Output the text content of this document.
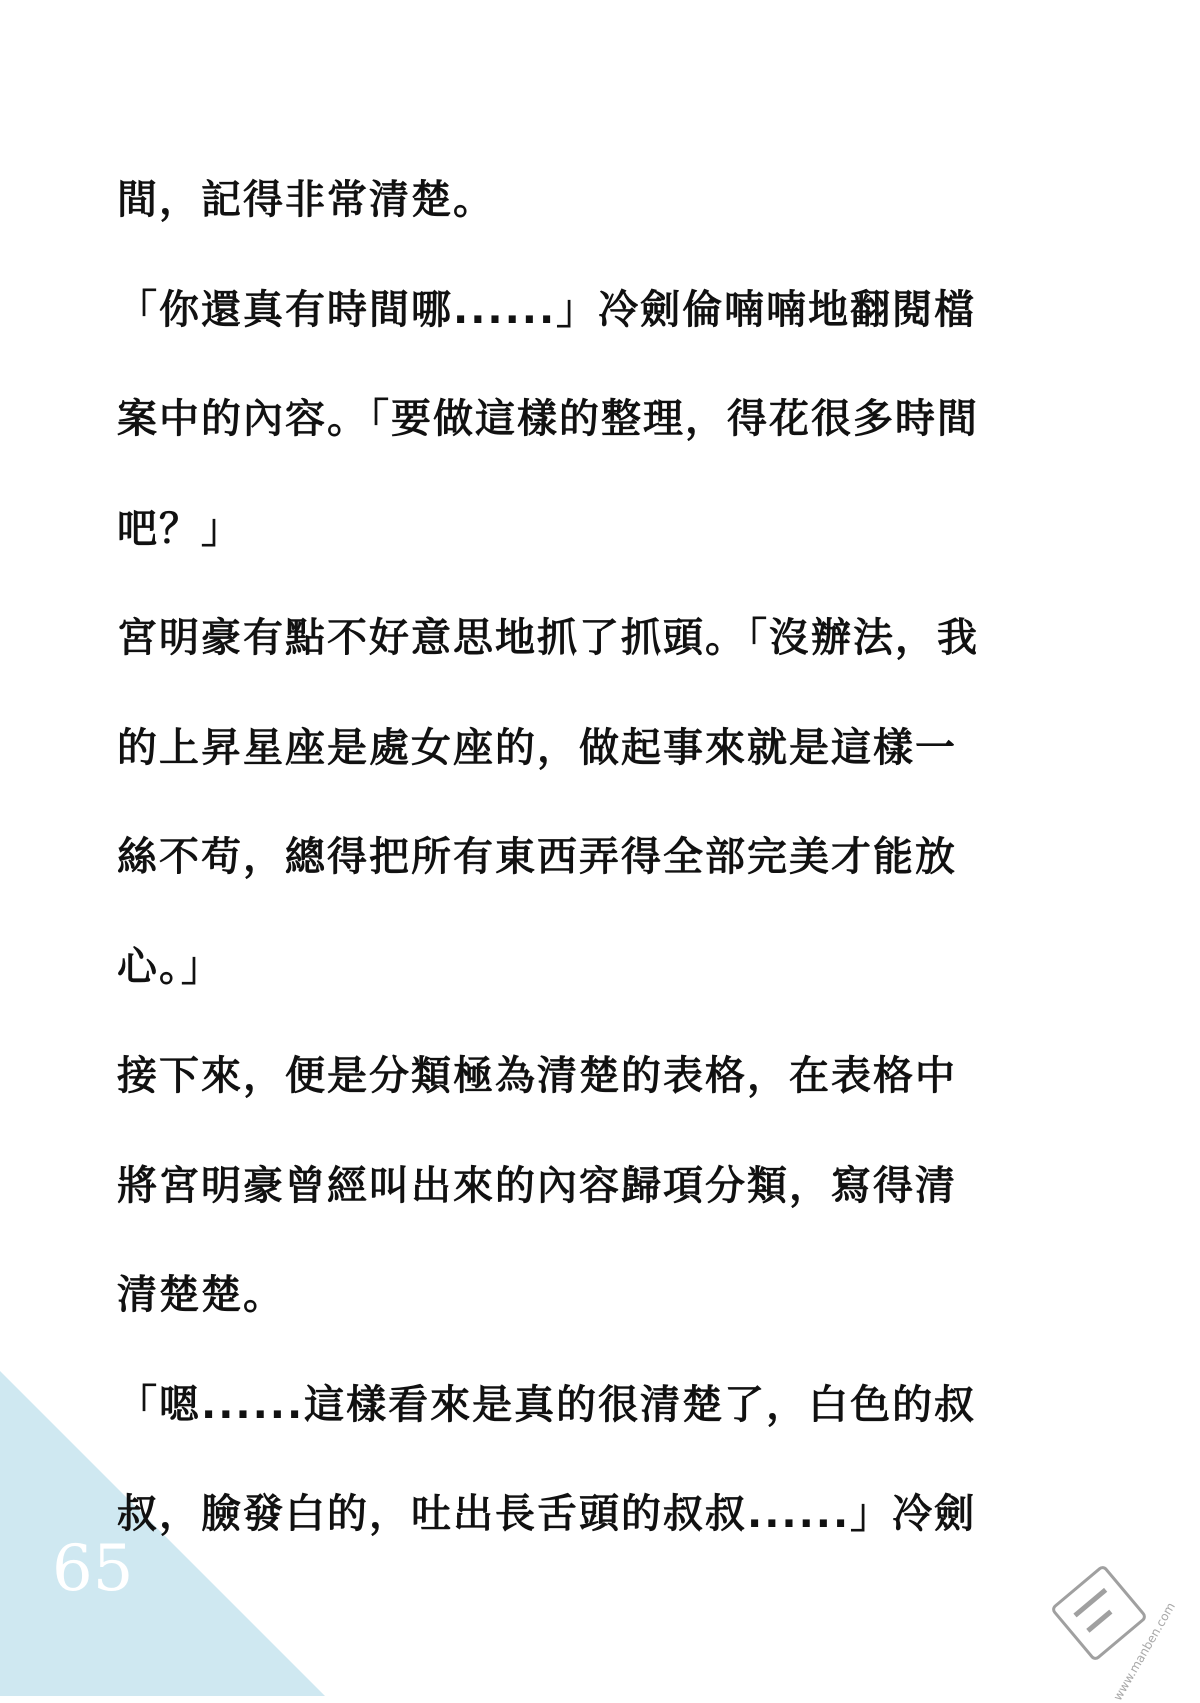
間，記得非常清楚。
「你還真有時間哪......」冷劍倫喃喃地翻閱檔
案中的內容。「要做這樣的整理，得花很多時間
吧？」
宮明豪有點不好意思地抓了抓頭。「沒辦法，我
的上昇星座是處女座的，做起事來就是這樣一
絲不苟，總得把所有東西弄得全部完美才能放
心。」
接下來，便是分類極為清楚的表格，在表格中
將宮明豪曾經叫出來的內容歸項分類，寫得清
清楚楚。
「嗯......這樣看來是真的很清楚了，白色的叔
叔，臉發白的，吐出長舌頭的叔叔......」冷劍
65
www.manben.com
